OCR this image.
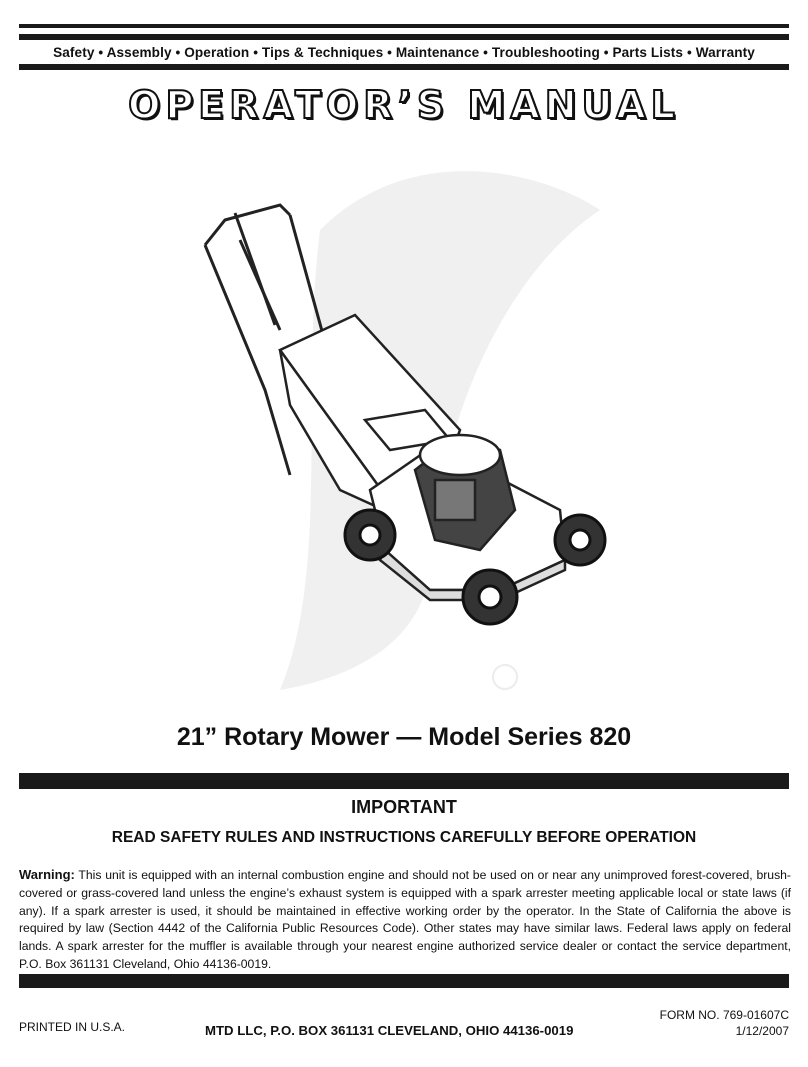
Safety • Assembly • Operation • Tips & Techniques • Maintenance • Troubleshooting • Parts Lists • Warranty
OPERATOR’S MANUAL
21” Rotary Mower — Model Series 820
IMPORTANT
READ SAFETY RULES AND INSTRUCTIONS CAREFULLY BEFORE OPERATION
Warning: This unit is equipped with an internal combustion engine and should not be used on or near any unimproved forest-covered, brush-covered or grass-covered land unless the engine’s exhaust system is equipped with a spark arrester meeting applicable local or state laws (if any). If a spark arrester is used, it should be maintained in effective working order by the operator. In the State of California the above is required by law (Section 4442 of the California Public Resources Code). Other states may have similar laws. Federal laws apply on federal lands. A spark arrester for the muffler is available through your nearest engine authorized service dealer or contact the service department, P.O. Box 361131 Cleveland, Ohio 44136-0019.
PRINTED IN U.S.A.	MTD LLC, P.O. BOX 361131 CLEVELAND, OHIO 44136-0019
FORM NO. 769-01607C
1/12/2007
